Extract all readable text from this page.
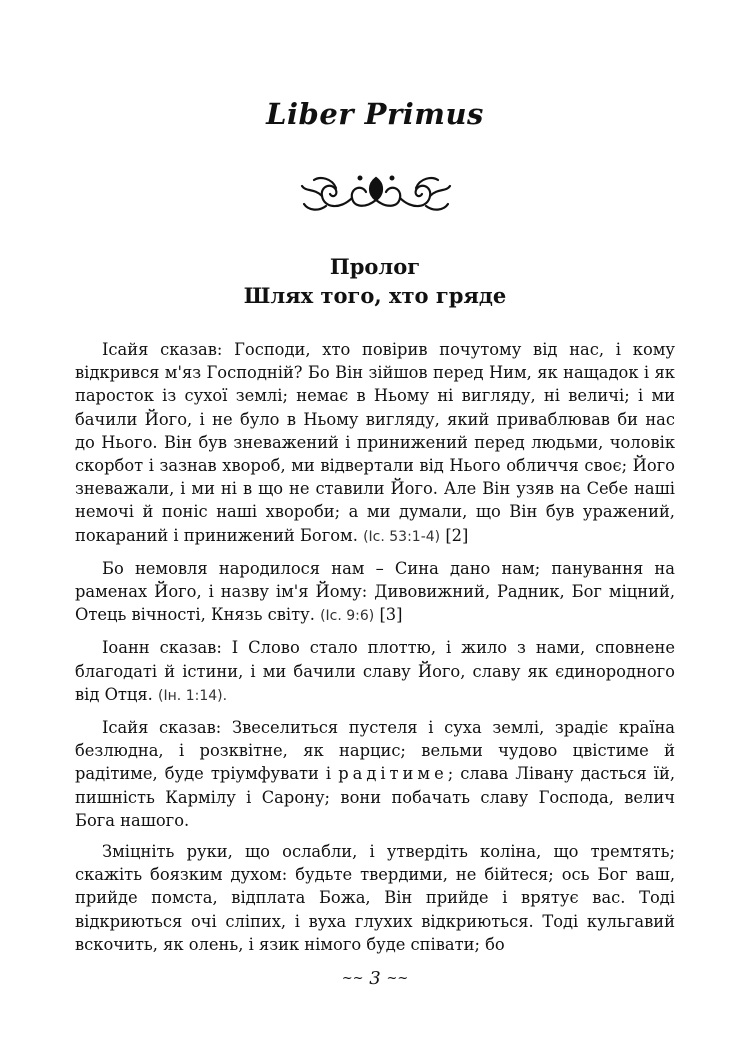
Liber Primus
Пролог
Шлях того, хто гряде

Ісайя сказав: Господи, хто повірив почутому від нас, і кому відкрився м'яз Господній? Бо Він зійшов перед Ним, як нащадок і як паросток із сухої землі; немає в Ньому ні вигляду, ні величі; і ми бачили Його, і не було в Ньому вигляду, який приваблював би нас до Нього. Він був зневажений і принижений перед людьми, чоловік скорбот і зазнав хвороб, ми відвертали від Нього обличчя своє; Його зневажали, і ми ні в що не ставили Його. Але Він узяв на Себе наші немочі й поніс наші хвороби; а ми думали, що Він був уражений, покараний і принижений Богом. (Іс. 53:1-4) [2]

Бо немовля народилося нам – Сина дано нам; панування на раменах Його, і назву ім'я Йому: Дивовижний, Радник, Бог міцний, Отець вічності, Князь світу. (Іс. 9:6) [3]

Іоанн сказав: І Слово стало плоттю, і жило з нами, сповнене благодаті й істини, і ми бачили славу Його, славу як єдинородного від Отця. (Ін. 1:14).

Ісайя сказав: Звеселиться пустеля і суха землі, зрадіє країна безлюдна, і розквітне, як нарцис; вельми чудово цвістиме й радітиме, буде тріумфувати і радітиме; слава Лівану дасться їй, пишність Кармілу і Сарону; вони побачать славу Господа, велич Бога нашого.

Зміцніть руки, що ослабли, і утвердіть коліна, що тремтять; скажіть боязким духом: будьте твердими, не бійтеся; ось Бог ваш, прийде помста, відплата Божа, Він прийде і врятує вас. Тоді відкриються очі сліпих, і вуха глухих відкриються. Тоді кульгавий вскочить, як олень, і язик німого буде співати; бо

~~ 3 ~~
